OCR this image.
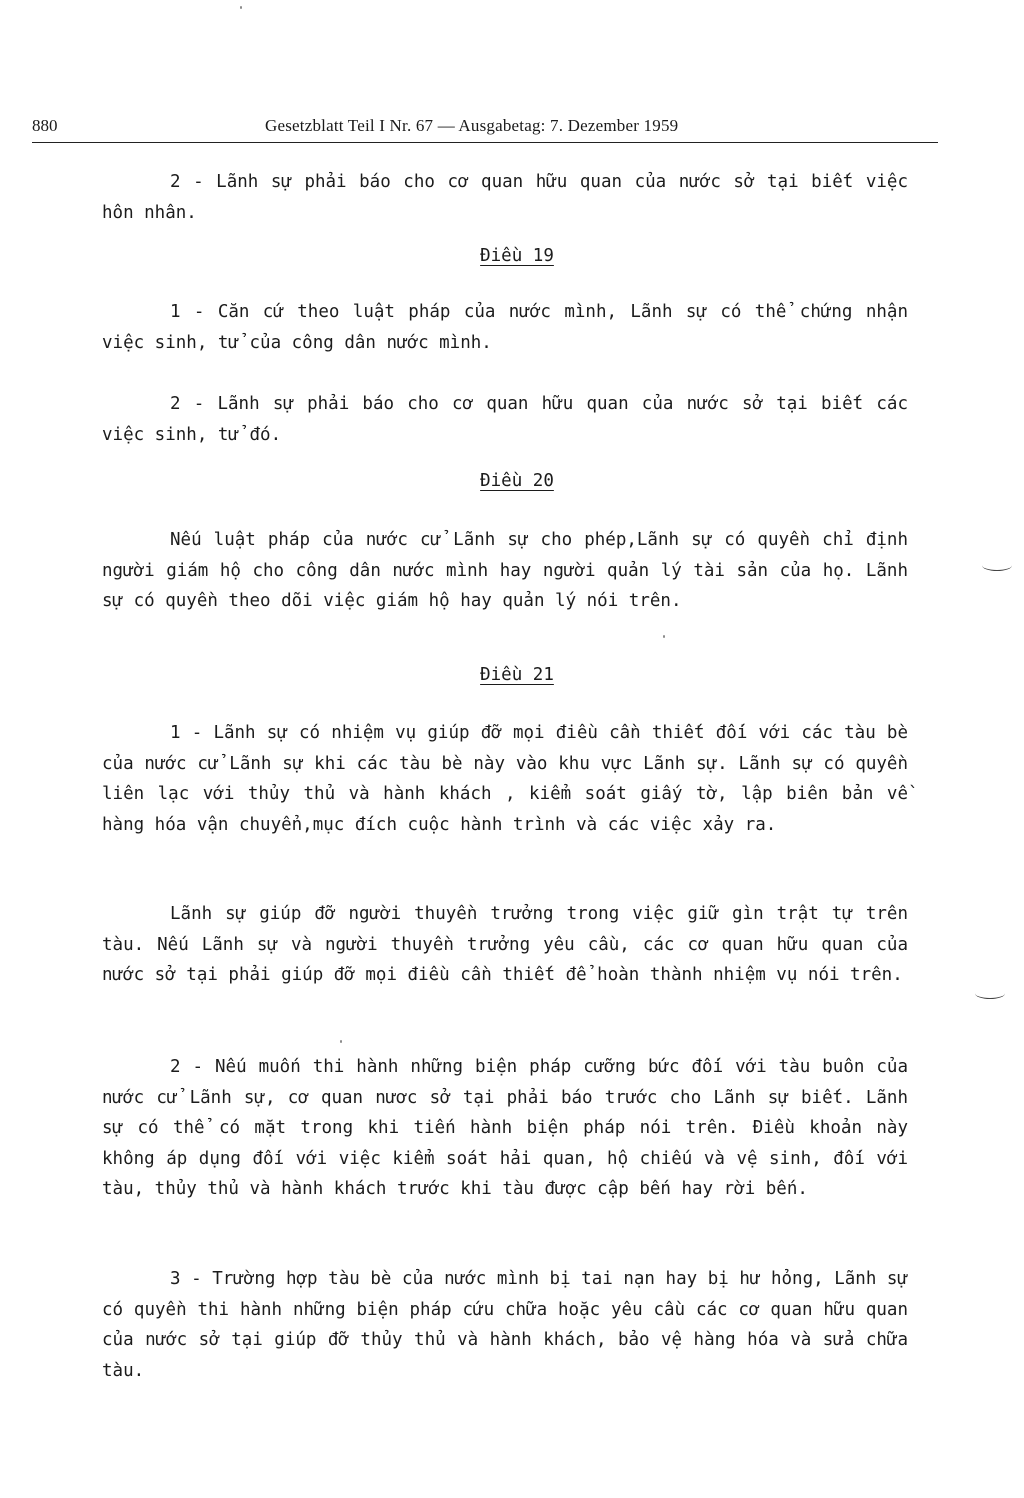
880	Gesetzblatt Teil I Nr. 67 — Ausgabetag: 7. Dezember 1959

2 - Lãnh sự phải báo cho cơ quan hữu quan của nước sở tại biết việc hôn nhân.

Điều 19

1 - Căn cứ theo luật pháp của nước mình, Lãnh sự có thể chứng nhận việc sinh, tử của công dân nước mình.

2 - Lãnh sự phải báo cho cơ quan hữu quan của nước sở tại biết các việc sinh, tử đó.

Điều 20

Nếu luật pháp của nước cử Lãnh sự cho phép,Lãnh sự có quyền chỉ định người giám hộ cho công dân nước mình hay người quản lý tài sản của họ. Lãnh sự có quyền theo dõi việc giám hộ hay quản lý nói trên.

Điều 21

1 - Lãnh sự có nhiệm vụ giúp đỡ mọi điều cần thiết đối với các tàu bè của nước cử Lãnh sự khi các tàu bè này vào khu vực Lãnh sự. Lãnh sự có quyền liên lạc với thủy thủ và hành khách , kiểm soát giấy tờ, lập biên bản về hàng hóa vận chuyển,mục đích cuộc hành trình và các việc xảy ra.

Lãnh sự giúp đỡ người thuyền trưởng trong việc giữ gìn trật tự trên tàu. Nếu Lãnh sự và người thuyền trưởng yêu cầu, các cơ quan hữu quan của nước sở tại phải giúp đỡ mọi điều cần thiết để hoàn thành nhiệm vụ nói trên.

2 - Nếu muốn thi hành những biện pháp cưỡng bức đối với tàu buôn của nước cử Lãnh sự, cơ quan nươc sở tại phải báo trước cho Lãnh sự biết. Lãnh sự có thể có mặt trong khi tiến hành biện pháp nói trên. Điều khoản này không áp dụng đối với việc kiểm soát hải quan, hộ chiếu và vệ sinh, đối với tàu, thủy thủ và hành khách trước khi tàu được cập bến hay rời bến.

3 - Trường hợp tàu bè của nước mình bị tai nạn hay bị hư hỏng, Lãnh sự có quyền thi hành những biện pháp cứu chữa hoặc yêu cầu các cơ quan hữu quan của nước sở tại giúp đỡ thủy thủ và hành khách, bảo vệ hàng hóa và sửa chữa tàu.
